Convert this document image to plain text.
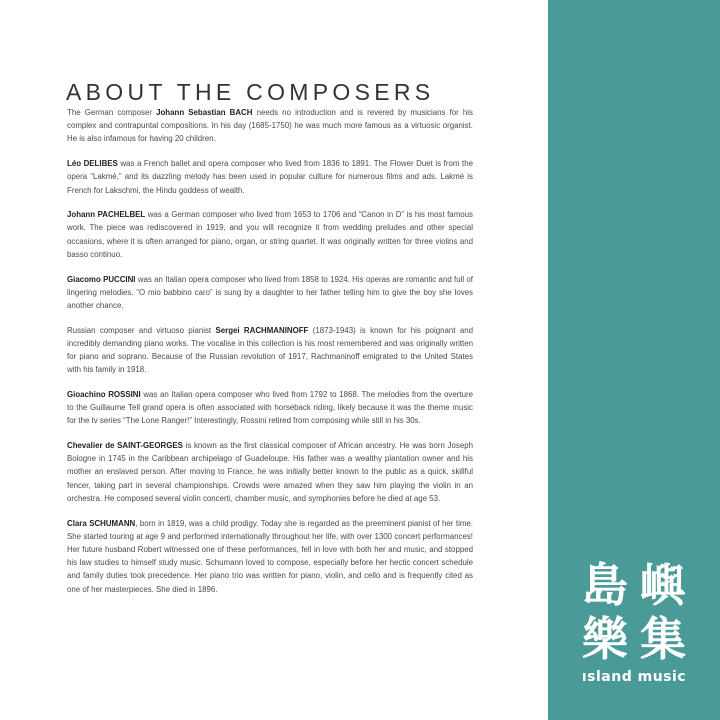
ABOUT THE COMPOSERS

The German composer Johann Sebastian BACH needs no introduction and is revered by musicians for his complex and contrapuntal compositions. In his day (1685-1750) he was much more famous as a virtuosic organist. He is also infamous for having 20 children.

Léo DELIBES was a French ballet and opera composer who lived from 1836 to 1891. The Flower Duet is from the opera “Lakmé,” and its dazzling melody has been used in popular culture for numerous films and ads. Lakmé is French for Lakschmi, the Hindu goddess of wealth.

Johann PACHELBEL was a German composer who lived from 1653 to 1706 and “Canon in D” is his most famous work. The piece was rediscovered in 1919, and you will recognize it from wedding preludes and other special occasions, where it is often arranged for piano, organ, or string quartet. It was originally written for three violins and basso continuo.

Giacomo PUCCINI was an Italian opera composer who lived from 1858 to 1924. His operas are romantic and full of lingering melodies. “O mio babbino caro” is sung by a daughter to her father telling him to give the boy she loves another chance.

Russian composer and virtuoso pianist Sergei RACHMANINOFF (1873-1943) is known for his poignant and incredibly demanding piano works. The vocalise in this collection is his most remembered and was originally written for piano and soprano. Because of the Russian revolution of 1917, Rachmaninoff emigrated to the United States with his family in 1918.

Gioachino ROSSINI was an Italian opera composer who lived from 1792 to 1868. The melodies from the overture to the Guillaume Tell grand opera is often associated with horseback riding, likely because it was the theme music for the tv series “The Lone Ranger!” Interestingly, Rossini retired from composing while still in his 30s.

Chevalier de SAINT-GEORGES is known as the first classical composer of African ancestry. He was born Joseph Bologne in 1745 in the Caribbean archipelago of Guadeloupe. His father was a wealthy plantation owner and his mother an enslaved person. After moving to France, he was initially better known to the public as a quick, skillful fencer, taking part in several championships. Crowds were amazed when they saw him playing the violin in an orchestra. He composed several violin concerti, chamber music, and symphonies before he died at age 53.

Clara SCHUMANN, born in 1819, was a child prodigy. Today she is regarded as the preeminent pianist of her time. She started touring at age 9 and performed internationally throughout her life, with over 1300 concert performances! Her future husband Robert witnessed one of these performances, fell in love with both her and music, and stopped his law studies to himself study music. Schumann loved to compose, especially before her hectic concert schedule and family duties took precedence. Her piano trio was written for piano, violin, and cello and is frequently cited as one of her masterpieces. She died in 1896.	島 嶼
樂 集
ısland music
